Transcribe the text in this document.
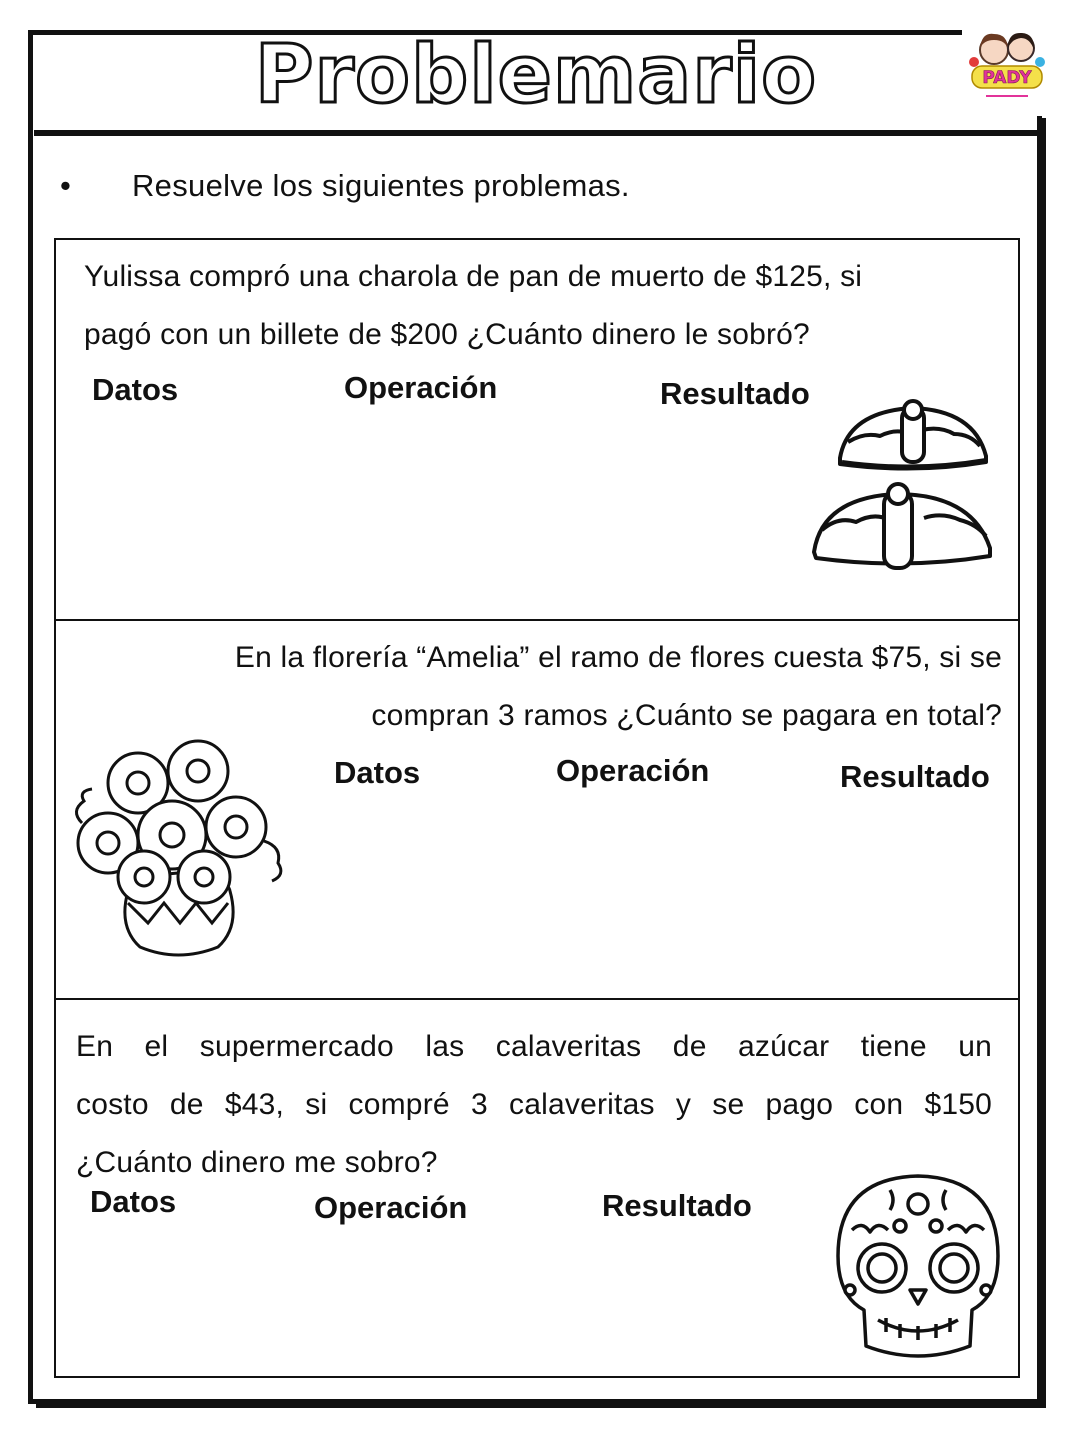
Problemario	PADY
• Resuelve los siguientes problemas.
Yulissa compró una charola de pan de muerto de $125, si
pagó con un billete de $200 ¿Cuánto dinero le sobró?
Datos	Operación	Resultado
En la florería “Amelia” el ramo de flores cuesta $75, si se
compran 3 ramos ¿Cuánto se pagara en total?
Datos	Operación	Resultado
En el supermercado las calaveritas de azúcar tiene un
costo de $43, si compré 3 calaveritas y se pago con $150
¿Cuánto dinero me sobro?
Datos	Operación	Resultado
